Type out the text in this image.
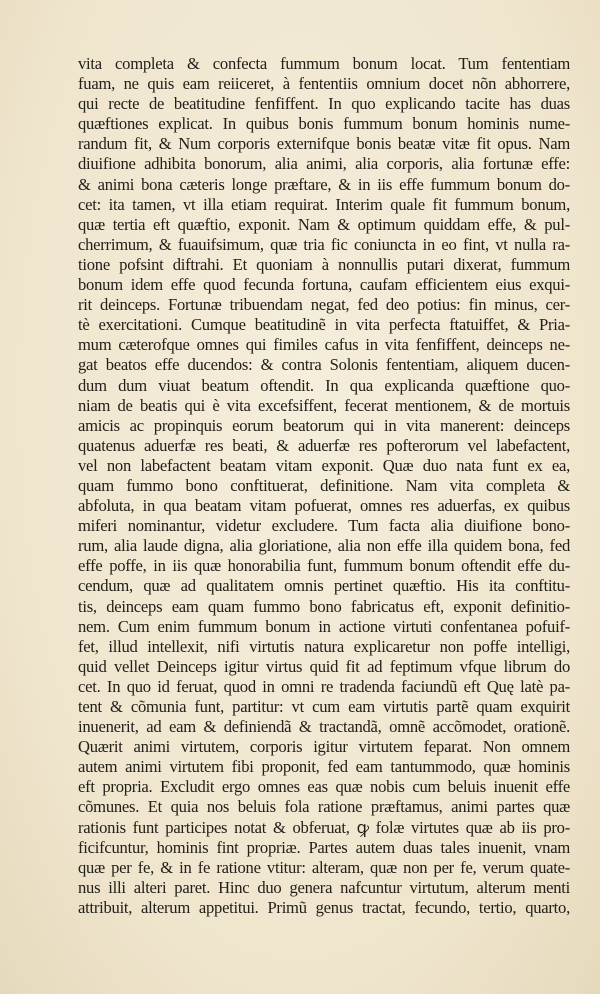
vita completa & confecta fummum bonum locat. Tum fententiam
fuam, ne quis eam reiiceret, à fententiis omnium docet nõn abhorrere,
qui recte de beatitudine fenfiffent. In quo explicando tacite has duas
quæftiones explicat. In quibus bonis fummum bonum hominis nume-
randum fit, & Num corporis externifque bonis beatæ vitæ fit opus. Nam
diuifione adhibita bonorum, alia animi, alia corporis, alia fortunæ effe:
& animi bona cæteris longe præftare, & in iis effe fummum bonum do-
cet: ita tamen, vt illa etiam requirat. Interim quale fit fummum bonum,
quæ tertia eft quæftio, exponit. Nam & optimum quiddam effe, & pul-
cherrimum, & fuauifsimum, quæ tria fic coniuncta in eo fint, vt nulla ra-
tione pofsint diftrahi. Et quoniam à nonnullis putari dixerat, fummum
bonum idem effe quod fecunda fortuna, caufam efficientem eius exqui-
rit deinceps. Fortunæ tribuendam negat, fed deo potius: fin minus, cer-
tè exercitationi. Cumque beatitudinẽ in vita perfecta ftatuiffet, & Pria-
mum cæterofque omnes qui fimiles cafus in vita fenfiffent, deinceps ne-
gat beatos effe ducendos: & contra Solonis fententiam, aliquem ducen-
dum dum viuat beatum oftendit. In qua explicanda quæftione quo-
niam de beatis qui è vita excefsiffent, fecerat mentionem, & de mortuis
amicis ac propinquis eorum beatorum qui in vita manerent: deinceps
quatenus aduerfæ res beati, & aduerfæ res pofterorum vel labefactent,
vel non labefactent beatam vitam exponit. Quæ duo nata funt ex ea,
quam fummo bono conftituerat, definitione. Nam vita completa &
abfoluta, in qua beatam vitam pofuerat, omnes res aduerfas, ex quibus
miferi nominantur, videtur excludere. Tum facta alia diuifione bono-
rum, alia laude digna, alia gloriatione, alia non effe illa quidem bona, fed
effe poffe, in iis quæ honorabilia funt, fummum bonum oftendit effe du-
cendum, quæ ad qualitatem omnis pertinet quæftio. His ita conftitu-
tis, deinceps eam quam fummo bono fabricatus eft, exponit definitio-
nem. Cum enim fummum bonum in actione virtuti confentanea pofuif-
fet, illud intellexit, nifi virtutis natura explicaretur non poffe intelligi,
quid vellet Deinceps igitur virtus quid fit ad feptimum vfque librum do
cet. In quo id feruat, quod in omni re tradenda faciundũ eft Quę latè pa-
tent & cõmunia funt, partitur: vt cum eam virtutis partẽ quam exquirit
inuenerit, ad eam & definiendã & tractandã, omnẽ accõmodet, orationẽ.
Quærit animi virtutem, corporis igitur virtutem feparat. Non omnem
autem animi virtutem fibi proponit, fed eam tantummodo, quæ hominis
eft propria. Excludit ergo omnes eas quæ nobis cum beluis inuenit effe
cõmunes. Et quia nos beluis fola ratione præftamus, animi partes quæ
rationis funt participes notat & obferuat, ꝙ folæ virtutes quæ ab iis pro-
ficifcuntur, hominis fint propriæ. Partes autem duas tales inuenit, vnam
quæ per fe, & in fe ratione vtitur: alteram, quæ non per fe, verum quate-
nus illi alteri paret. Hinc duo genera nafcuntur virtutum, alterum menti
attribuit, alterum appetitui. Primũ genus tractat, fecundo, tertio, quarto,
